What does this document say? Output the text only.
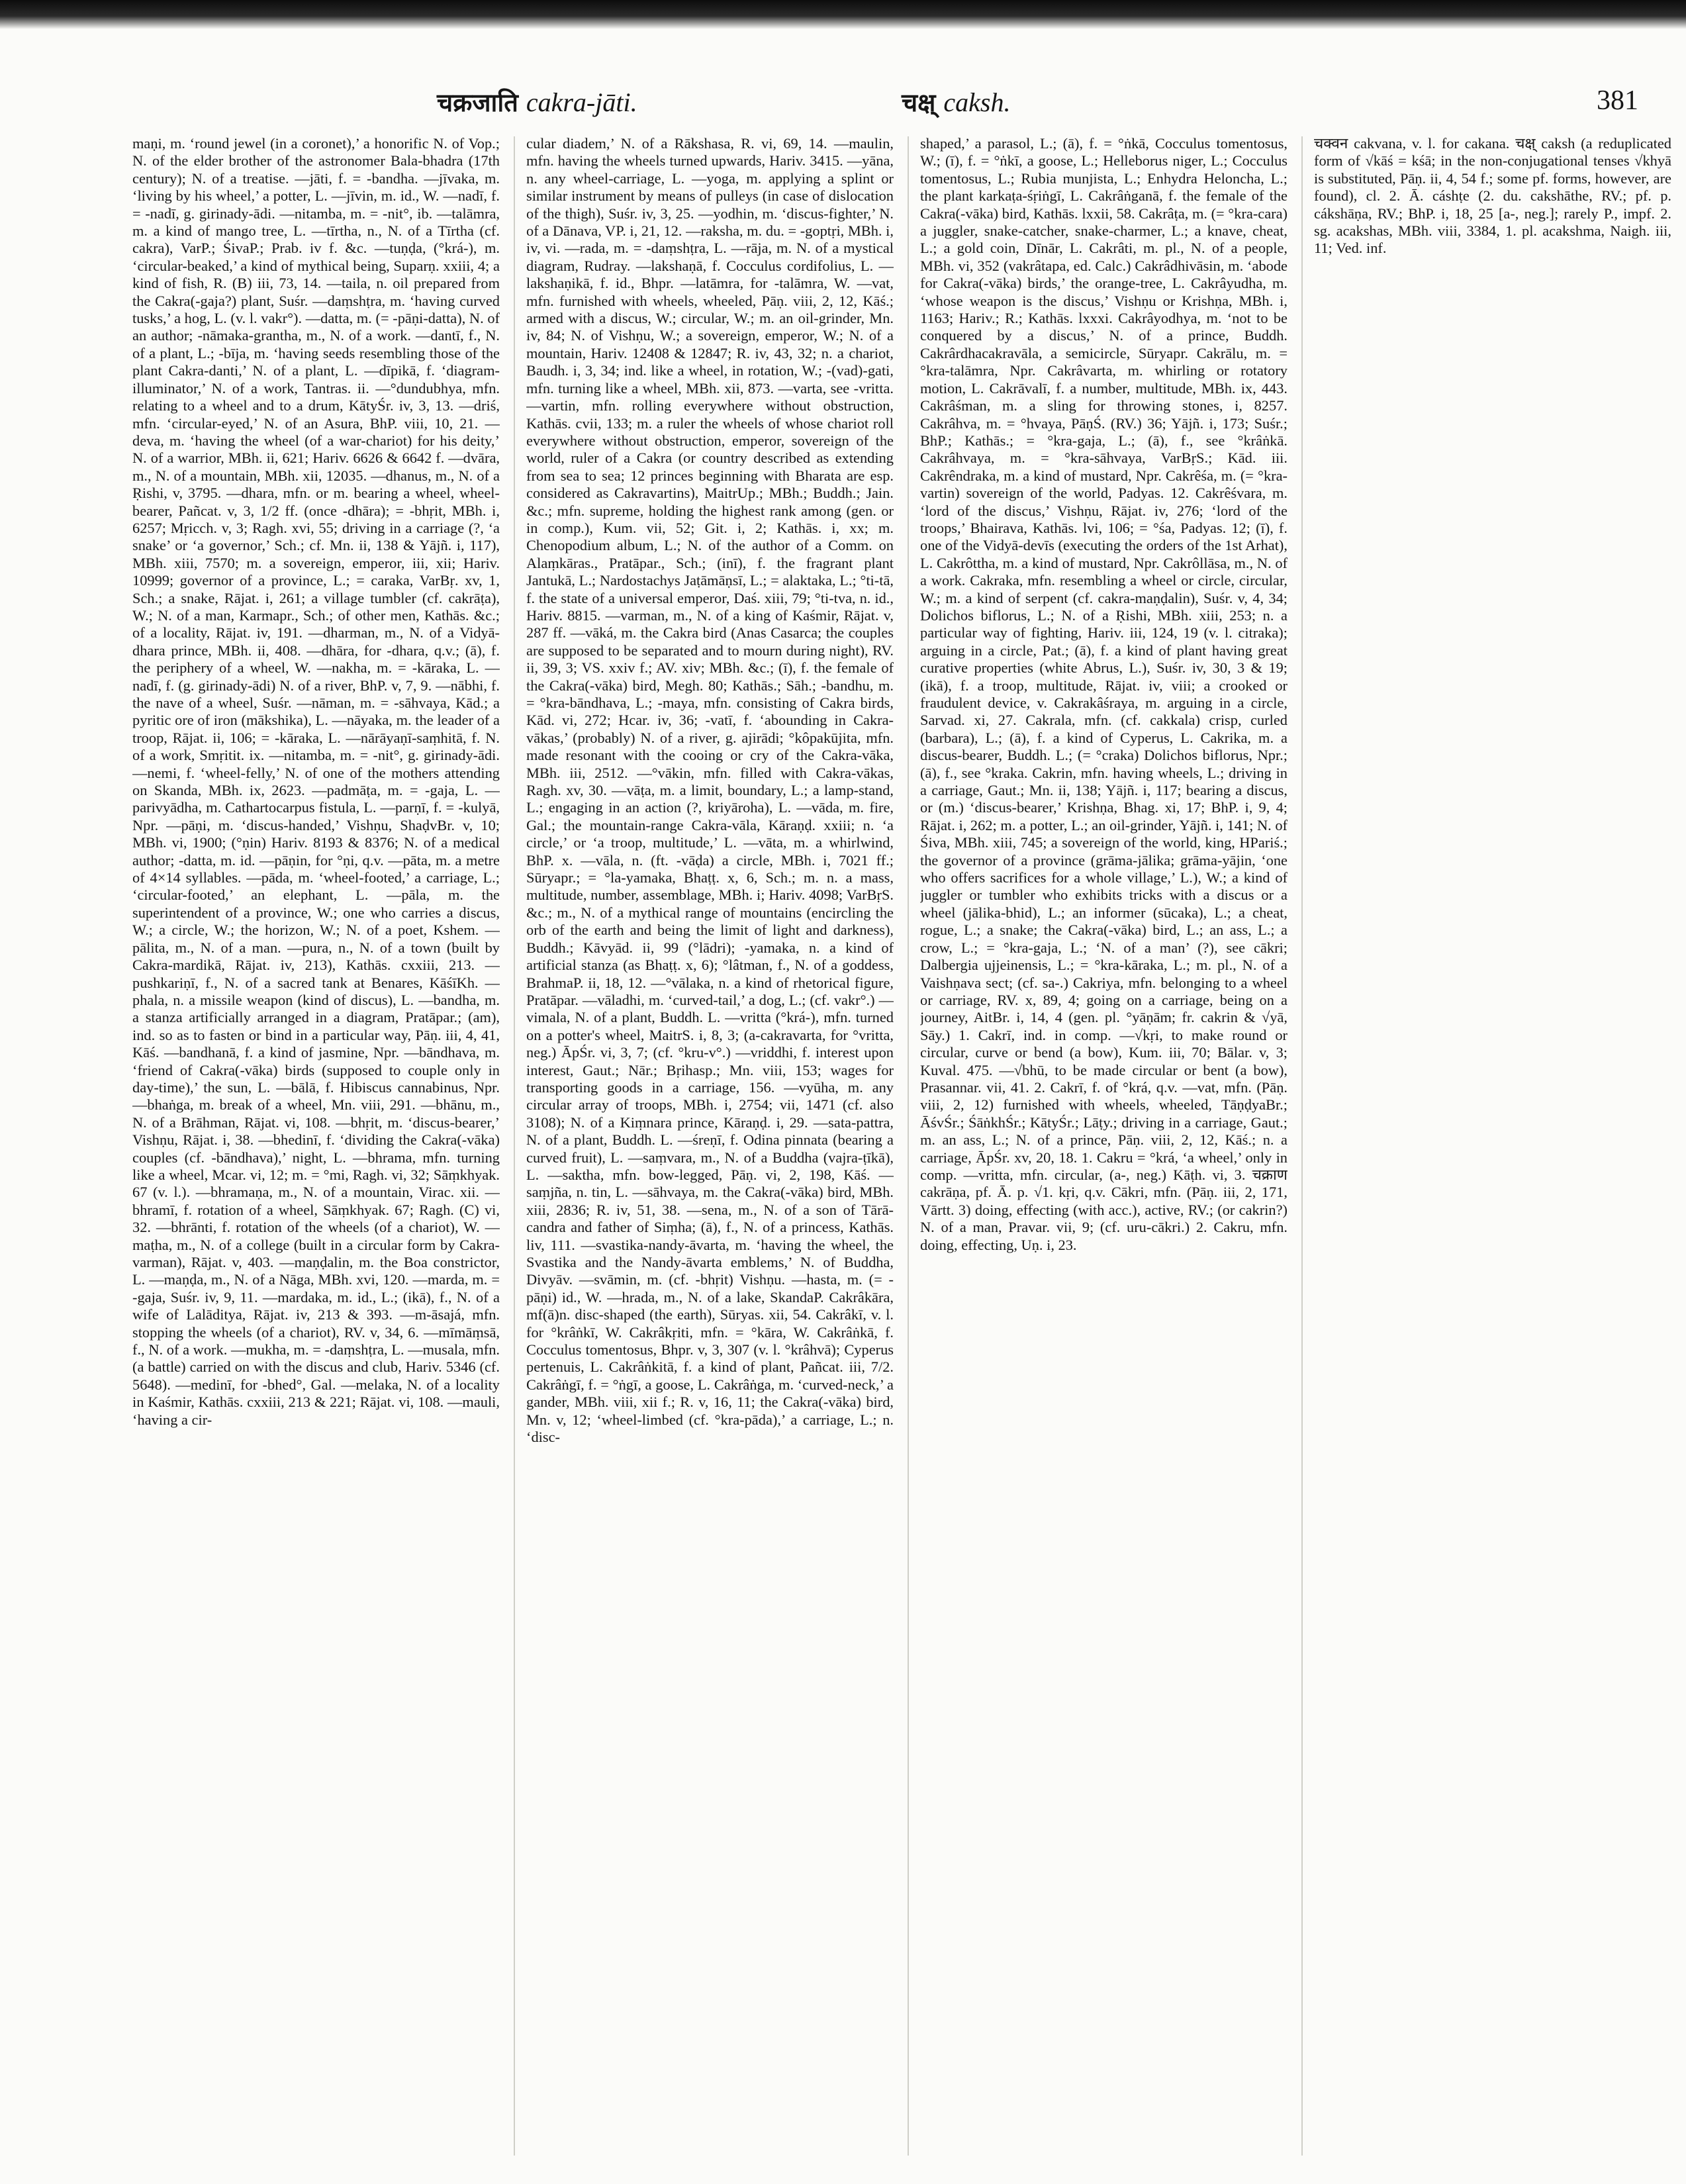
चक्रजाति cakra-jāti.	चक्ष् caksh.	381

maṇi, m. ‘round jewel (in a coronet),’ a honorific N. of Vop.; N. of the elder brother of the astronomer Bala-bhadra (17th century); N. of a treatise. —jāti, f. = -bandha. —jīvaka, m. ‘living by his wheel,’ a potter, L. —jīvin, m. id., W. —nadī, f. = -nadī, g. girinady-ādi. —nitamba, m. = -nit°, ib. —talāmra, m. a kind of mango tree, L. —tīrtha, n., N. of a Tīrtha (cf. cakra), VarP.; ŚivaP.; Prab. iv f. &c. —tuṇḍa, (°krá-), m. ‘circular-beaked,’ a kind of mythical being, Suparṇ. xxiii, 4; a kind of fish, R. (B) iii, 73, 14. —taila, n. oil prepared from the Cakra(-gaja?) plant, Suśr. —daṃshṭra, m. ‘having curved tusks,’ a hog, L. (v. l. vakr°). —datta, m. (= -pāṇi-datta), N. of an author; -nāmaka-grantha, m., N. of a work. —dantī, f., N. of a plant, L.; -bīja, m. ‘having seeds resembling those of the plant Cakra-danti,’ N. of a plant, L. —dīpikā, f. ‘diagram-illuminator,’ N. of a work, Tantras. ii. —°dundubhya, mfn. relating to a wheel and to a drum, KātyŚr. iv, 3, 13. —driś, mfn. ‘circular-eyed,’ N. of an Asura, BhP. viii, 10, 21. —deva, m. ‘having the wheel (of a war-chariot) for his deity,’ N. of a warrior, MBh. ii, 621; Hariv. 6626 & 6642 f. —dvāra, m., N. of a mountain, MBh. xii, 12035. —dhanus, m., N. of a Ṛishi, v, 3795. —dhara, mfn. or m. bearing a wheel, wheel-bearer, Pañcat. v, 3, 1/2 ff. (once -dhāra); = -bhṛit, MBh. i, 6257; Mṛicch. v, 3; Ragh. xvi, 55; driving in a carriage (?, ‘a snake’ or ‘a governor,’ Sch.; cf. Mn. ii, 138 & Yājñ. i, 117), MBh. xiii, 7570; m. a sovereign, emperor, iii, xii; Hariv. 10999; governor of a province, L.; = caraka, VarBṛ. xv, 1, Sch.; a snake, Rājat. i, 261; a village tumbler (cf. cakrāṭa), W.; N. of a man, Karmapr., Sch.; of other men, Kathās. &c.; of a locality, Rājat. iv, 191. —dharman, m., N. of a Vidyā-dhara prince, MBh. ii, 408. —dhāra, for -dhara, q.v.; (ā), f. the periphery of a wheel, W. —nakha, m. = -kāraka, L. —nadī, f. (g. girinady-ādi) N. of a river, BhP. v, 7, 9. —nābhi, f. the nave of a wheel, Suśr. —nāman, m. = -sāhvaya, Kād.; a pyritic ore of iron (mākshika), L. —nāyaka, m. the leader of a troop, Rājat. ii, 106; = -kāraka, L. —nārāyaṇī-saṃhitā, f. N. of a work, Smṛitit. ix. —nitamba, m. = -nit°, g. girinady-ādi. —nemi, f. ‘wheel-felly,’ N. of one of the mothers attending on Skanda, MBh. ix, 2623. —padmāṭa, m. = -gaja, L. —parivyādha, m. Cathartocarpus fistula, L. —parṇī, f. = -kulyā, Npr. —pāṇi, m. ‘discus-handed,’ Vishṇu, ShaḍvBr. v, 10; MBh. vi, 1900; (°ṇin) Hariv. 8193 & 8376; N. of a medical author; -datta, m. id. —pāṇin, for °ṇi, q.v. —pāta, m. a metre of 4×14 syllables. —pāda, m. ‘wheel-footed,’ a carriage, L.; ‘circular-footed,’ an elephant, L. —pāla, m. the superintendent of a province, W.; one who carries a discus, W.; a circle, W.; the horizon, W.; N. of a poet, Kshem. —pālita, m., N. of a man. —pura, n., N. of a town (built by Cakra-mardikā, Rājat. iv, 213), Kathās. cxxiii, 213. —pushkariṇī, f., N. of a sacred tank at Benares, KāśīKh. —phala, n. a missile weapon (kind of discus), L. —bandha, m. a stanza artificially arranged in a diagram, Pratāpar.; (am), ind. so as to fasten or bind in a particular way, Pāṇ. iii, 4, 41, Kāś. —bandhanā, f. a kind of jasmine, Npr. —bāndhava, m. ‘friend of Cakra(-vāka) birds (supposed to couple only in day-time),’ the sun, L. —bālā, f. Hibiscus cannabinus, Npr. —bhaṅga, m. break of a wheel, Mn. viii, 291. —bhānu, m., N. of a Brāhman, Rājat. vi, 108. —bhṛit, m. ‘discus-bearer,’ Vishṇu, Rājat. i, 38. —bhedinī, f. ‘dividing the Cakra(-vāka) couples (cf. -bāndhava),’ night, L. —bhrama, mfn. turning like a wheel, Mcar. vi, 12; m. = °mi, Ragh. vi, 32; Sāṃkhyak. 67 (v. l.). —bhramaṇa, m., N. of a mountain, Virac. xii. —bhramī, f. rotation of a wheel, Sāṃkhyak. 67; Ragh. (C) vi, 32. —bhrānti, f. rotation of the wheels (of a chariot), W. —maṭha, m., N. of a college (built in a circular form by Cakra-varman), Rājat. v, 403. —maṇḍalin, m. the Boa constrictor, L. —maṇḍa, m., N. of a Nāga, MBh. xvi, 120. —marda, m. = -gaja, Suśr. iv, 9, 11. —mardaka, m. id., L.; (ikā), f., N. of a wife of Lalāditya, Rājat. iv, 213 & 393. —m-āsajá, mfn. stopping the wheels (of a chariot), RV. v, 34, 6. —mīmāṃsā, f., N. of a work. —mukha, m. = -daṃshṭra, L. —musala, mfn. (a battle) carried on with the discus and club, Hariv. 5346 (cf. 5648). —medinī, for -bhed°, Gal. —melaka, N. of a locality in Kaśmir, Kathās. cxxiii, 213 & 221; Rājat. vi, 108. —mauli, ‘having a cir-

cular diadem,’ N. of a Rākshasa, R. vi, 69, 14. —maulin, mfn. having the wheels turned upwards, Hariv. 3415. —yāna, n. any wheel-carriage, L. —yoga, m. applying a splint or similar instrument by means of pulleys (in case of dislocation of the thigh), Suśr. iv, 3, 25. —yodhin, m. ‘discus-fighter,’ N. of a Dānava, VP. i, 21, 12. —raksha, m. du. = -goptṛi, MBh. i, iv, vi. —rada, m. = -daṃshṭra, L. —rāja, m. N. of a mystical diagram, Rudray. —lakshaṇā, f. Cocculus cordifolius, L. —lakshaṇikā, f. id., Bhpr. —latāmra, for -talāmra, W. —vat, mfn. furnished with wheels, wheeled, Pāṇ. viii, 2, 12, Kāś.; armed with a discus, W.; circular, W.; m. an oil-grinder, Mn. iv, 84; N. of Vishṇu, W.; a sovereign, emperor, W.; N. of a mountain, Hariv. 12408 & 12847; R. iv, 43, 32; n. a chariot, Baudh. i, 3, 34; ind. like a wheel, in rotation, W.; -(vad)-gati, mfn. turning like a wheel, MBh. xii, 873. —varta, see -vritta. —vartin, mfn. rolling everywhere without obstruction, Kathās. cvii, 133; m. a ruler the wheels of whose chariot roll everywhere without obstruction, emperor, sovereign of the world, ruler of a Cakra (or country described as extending from sea to sea; 12 princes beginning with Bharata are esp. considered as Cakravartins), MaitrUp.; MBh.; Buddh.; Jain. &c.; mfn. supreme, holding the highest rank among (gen. or in comp.), Kum. vii, 52; Git. i, 2; Kathās. i, xx; m. Chenopodium album, L.; N. of the author of a Comm. on Alaṃkāras., Pratāpar., Sch.; (inī), f. the fragrant plant Jantukā, L.; Nardostachys Jaṭāmāṇsī, L.; = alaktaka, L.; °ti-tā, f. the state of a universal emperor, Daś. xiii, 79; °ti-tva, n. id., Hariv. 8815. —varman, m., N. of a king of Kaśmir, Rājat. v, 287 ff. —vāká, m. the Cakra bird (Anas Casarca; the couples are supposed to be separated and to mourn during night), RV. ii, 39, 3; VS. xxiv f.; AV. xiv; MBh. &c.; (ī), f. the female of the Cakra(-vāka) bird, Megh. 80; Kathās.; Sāh.; -bandhu, m. = °kra-bāndhava, L.; -maya, mfn. consisting of Cakra birds, Kād. vi, 272; Hcar. iv, 36; -vatī, f. ‘abounding in Cakra-vākas,’ (probably) N. of a river, g. ajirādi; °kôpakūjita, mfn. made resonant with the cooing or cry of the Cakra-vāka, MBh. iii, 2512. —°vākin, mfn. filled with Cakra-vākas, Ragh. xv, 30. —vāṭa, m. a limit, boundary, L.; a lamp-stand, L.; engaging in an action (?, kriyāroha), L. —vāda, m. fire, Gal.; the mountain-range Cakra-vāla, Kāraṇḍ. xxiii; n. ‘a circle,’ or ‘a troop, multitude,’ L. —vāta, m. a whirlwind, BhP. x. —vāla, n. (ft. -vāḍa) a circle, MBh. i, 7021 ff.; Sūryapr.; = °la-yamaka, Bhaṭṭ. x, 6, Sch.; m. n. a mass, multitude, number, assemblage, MBh. i; Hariv. 4098; VarBṛS. &c.; m., N. of a mythical range of mountains (encircling the orb of the earth and being the limit of light and darkness), Buddh.; Kāvyād. ii, 99 (°lādri); -yamaka, n. a kind of artificial stanza (as Bhaṭṭ. x, 6); °lâtman, f., N. of a goddess, BrahmaP. ii, 18, 12. —°vālaka, n. a kind of rhetorical figure, Pratāpar. —vāladhi, m. ‘curved-tail,’ a dog, L.; (cf. vakr°.) —vimala, N. of a plant, Buddh. L. —vritta (°krá-), mfn. turned on a potter's wheel, MaitrS. i, 8, 3; (a-cakravarta, for °vritta, neg.) ĀpŚr. vi, 3, 7; (cf. °kru-v°.) —vriddhi, f. interest upon interest, Gaut.; Nār.; Bṛihasp.; Mn. viii, 153; wages for transporting goods in a carriage, 156. —vyūha, m. any circular array of troops, MBh. i, 2754; vii, 1471 (cf. also 3108); N. of a Kiṃnara prince, Kāraṇḍ. i, 29. —sata-pattra, N. of a plant, Buddh. L. —śreṇī, f. Odina pinnata (bearing a curved fruit), L. —saṃvara, m., N. of a Buddha (vajra-ṭīkā), L. —saktha, mfn. bow-legged, Pāṇ. vi, 2, 198, Kāś. —saṃjña, n. tin, L. —sāhvaya, m. the Cakra(-vāka) bird, MBh. xiii, 2836; R. iv, 51, 38. —sena, m., N. of a son of Tārā-candra and father of Siṃha; (ā), f., N. of a princess, Kathās. liv, 111. —svastika-nandy-āvarta, m. ‘having the wheel, the Svastika and the Nandy-āvarta emblems,’ N. of Buddha, Divyāv. —svāmin, m. (cf. -bhṛit) Vishṇu. —hasta, m. (= -pāṇi) id., W. —hrada, m., N. of a lake, SkandaP. Cakrâkāra, mf(ā)n. disc-shaped (the earth), Sūryas. xii, 54. Cakrâkī, v. l. for °krâṅkī, W. Cakrâkṛiti, mfn. = °kāra, W. Cakrâṅkā, f. Cocculus tomentosus, Bhpr. v, 3, 307 (v. l. °krâhvā); Cyperus pertenuis, L. Cakrâṅkitā, f. a kind of plant, Pañcat. iii, 7/2. Cakrâṅgī, f. = °ṅgī, a goose, L. Cakrâṅga, m. ‘curved-neck,’ a gander, MBh. viii, xii f.; R. v, 16, 11; the Cakra(-vāka) bird, Mn. v, 12; ‘wheel-limbed (cf. °kra-pāda),’ a carriage, L.; n. ‘disc-

shaped,’ a parasol, L.; (ā), f. = °ṅkā, Cocculus tomentosus, W.; (ī), f. = °ṅkī, a goose, L.; Helleborus niger, L.; Cocculus tomentosus, L.; Rubia munjista, L.; Enhydra Heloncha, L.; the plant karkaṭa-śṛiṅgī, L. Cakrâṅganā, f. the female of the Cakra(-vāka) bird, Kathās. lxxii, 58. Cakrâṭa, m. (= °kra-cara) a juggler, snake-catcher, snake-charmer, L.; a knave, cheat, L.; a gold coin, Dīnār, L. Cakrâti, m. pl., N. of a people, MBh. vi, 352 (vakrâtapa, ed. Calc.) Cakrâdhivāsin, m. ‘abode for Cakra(-vāka) birds,’ the orange-tree, L. Cakrâyudha, m. ‘whose weapon is the discus,’ Vishṇu or Krishṇa, MBh. i, 1163; Hariv.; R.; Kathās. lxxxi. Cakrâyodhya, m. ‘not to be conquered by a discus,’ N. of a prince, Buddh. Cakrârdhacakravāla, a semicircle, Sūryapr. Cakrālu, m. = °kra-talāmra, Npr. Cakrâvarta, m. whirling or rotatory motion, L. Cakrāvalī, f. a number, multitude, MBh. ix, 443. Cakrâśman, m. a sling for throwing stones, i, 8257. Cakrâhva, m. = °hvaya, PāṇŚ. (RV.) 36; Yājñ. i, 173; Suśr.; BhP.; Kathās.; = °kra-gaja, L.; (ā), f., see °krâṅkā. Cakrâhvaya, m. = °kra-sāhvaya, VarBṛS.; Kād. iii. Cakrêndraka, m. a kind of mustard, Npr. Cakrêśa, m. (= °kra-vartin) sovereign of the world, Padyas. 12. Cakrêśvara, m. ‘lord of the discus,’ Vishṇu, Rājat. iv, 276; ‘lord of the troops,’ Bhairava, Kathās. lvi, 106; = °śa, Padyas. 12; (ī), f. one of the Vidyā-devīs (executing the orders of the 1st Arhat), L. Cakrôttha, m. a kind of mustard, Npr. Cakrôllāsa, m., N. of a work. Cakraka, mfn. resembling a wheel or circle, circular, W.; m. a kind of serpent (cf. cakra-maṇḍalin), Suśr. v, 4, 34; Dolichos biflorus, L.; N. of a Ṛishi, MBh. xiii, 253; n. a particular way of fighting, Hariv. iii, 124, 19 (v. l. citraka); arguing in a circle, Pat.; (ā), f. a kind of plant having great curative properties (white Abrus, L.), Suśr. iv, 30, 3 & 19; (ikā), f. a troop, multitude, Rājat. iv, viii; a crooked or fraudulent device, v. Cakrakâśraya, m. arguing in a circle, Sarvad. xi, 27. Cakrala, mfn. (cf. cakkala) crisp, curled (barbara), L.; (ā), f. a kind of Cyperus, L. Cakrika, m. a discus-bearer, Buddh. L.; (= °craka) Dolichos biflorus, Npr.; (ā), f., see °kraka. Cakrin, mfn. having wheels, L.; driving in a carriage, Gaut.; Mn. ii, 138; Yājñ. i, 117; bearing a discus, or (m.) ‘discus-bearer,’ Krishṇa, Bhag. xi, 17; BhP. i, 9, 4; Rājat. i, 262; m. a potter, L.; an oil-grinder, Yājñ. i, 141; N. of Śiva, MBh. xiii, 745; a sovereign of the world, king, HPariś.; the governor of a province (grāma-jālika; grāma-yājin, ‘one who offers sacrifices for a whole village,’ L.), W.; a kind of juggler or tumbler who exhibits tricks with a discus or a wheel (jālika-bhid), L.; an informer (sūcaka), L.; a cheat, rogue, L.; a snake; the Cakra(-vāka) bird, L.; an ass, L.; a crow, L.; = °kra-gaja, L.; ‘N. of a man’ (?), see cākri; Dalbergia ujjeinensis, L.; = °kra-kāraka, L.; m. pl., N. of a Vaishṇava sect; (cf. sa-.) Cakriya, mfn. belonging to a wheel or carriage, RV. x, 89, 4; going on a carriage, being on a journey, AitBr. i, 14, 4 (gen. pl. °yāṇām; fr. cakrin & √yā, Sāy.) 1. Cakrī, ind. in comp. —√kṛi, to make round or circular, curve or bend (a bow), Kum. iii, 70; Bālar. v, 3; Kuval. 475. —√bhū, to be made circular or bent (a bow), Prasannar. vii, 41. 2. Cakrī, f. of °krá, q.v. —vat, mfn. (Pāṇ. viii, 2, 12) furnished with wheels, wheeled, TāṇḍyaBr.; ĀśvŚr.; ŚāṅkhŚr.; KātyŚr.; Lāṭy.; driving in a carriage, Gaut.; m. an ass, L.; N. of a prince, Pāṇ. viii, 2, 12, Kāś.; n. a carriage, ĀpŚr. xv, 20, 18. 1. Cakru = °krá, ‘a wheel,’ only in comp. —vritta, mfn. circular, (a-, neg.) Kāṭh. vi, 3. चक्राण cakrāṇa, pf. Ā. p. √1. kṛi, q.v. Cākri, mfn. (Pāṇ. iii, 2, 171, Vārtt. 3) doing, effecting (with acc.), active, RV.; (or cakrin?) N. of a man, Pravar. vii, 9; (cf. uru-cākri.) 2. Cakru, mfn. doing, effecting, Uṇ. i, 23.

चक्वन cakvana, v. l. for cakana. चक्ष् caksh (a reduplicated form of √kāś = kśā; in the non-conjugational tenses √khyā is substituted, Pāṇ. ii, 4, 54 f.; some pf. forms, however, are found), cl. 2. Ā. cáshṭe (2. du. cakshāthe, RV.; pf. p. cákshāṇa, RV.; BhP. i, 18, 25 [a-, neg.]; rarely P., impf. 2. sg. acakshas, MBh. viii, 3384, 1. pl. acakshma, Naigh. iii, 11; Ved. inf.
